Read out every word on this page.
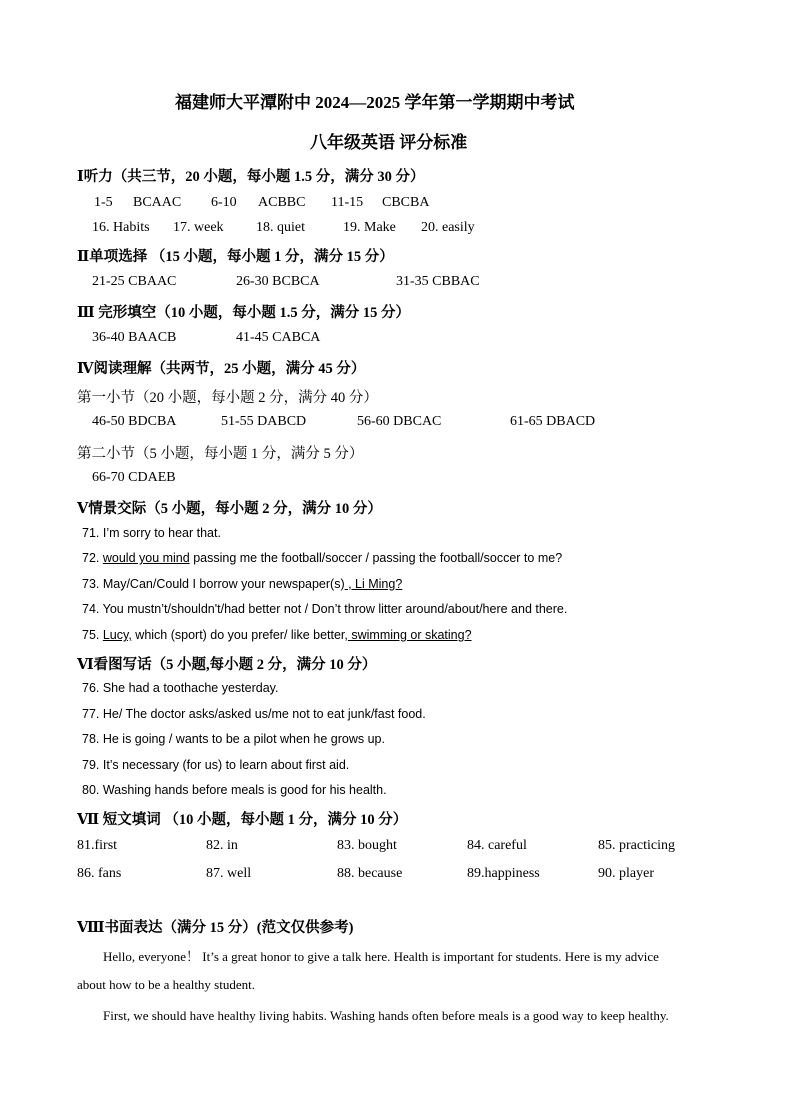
福建师大平潭附中 2024—2025 学年第一学期期中考试
八年级英语 评分标准
Ⅰ听力（共三节，20 小题，每小题 1.5 分，满分 30 分）
1-5 BCAAC 6-10 ACBBC 11-15 CBCBA
16. Habits 17. week 18. quiet	19. Make 20. easily
Ⅱ单项选择 （15 小题，每小题 1 分，满分 15 分）
21-25 CBAAC	26-30 BCBCA	31-35 CBBAC
Ⅲ 完形填空（10 小题，每小题 1.5 分，满分 15 分）
36-40 BAACB	41-45 CABCA
Ⅳ阅读理解（共两节，25 小题，满分 45 分）
第一小节（20 小题，每小题 2 分，满分 40 分）
46-50 BDCBA	51-55 DABCD	56-60 DBCAC	61-65 DBACD
第二小节（5 小题，每小题 1 分，满分 5 分）
66-70 CDAEB
Ⅴ情景交际（5 小题，每小题 2 分，满分 10 分）
71. I’m sorry to hear that.
72. would you mind passing me the football/soccer / passing the football/soccer to me?
73. May/Can/Could I borrow your newspaper(s) , Li Ming?
74. You mustn’t/shouldn't/had better not / Don’t throw litter around/about/here and there.
75. Lucy, which (sport) do you prefer/ like better, swimming or skating?
Ⅵ看图写话（5 小题,每小题 2 分，满分 10 分）
76. She had a toothache yesterday.
77. He/ The doctor asks/asked us/me not to eat junk/fast food.
78. He is going / wants to be a pilot when he grows up.
79. It’s necessary (for us) to learn about first aid.
80. Washing hands before meals is good for his health.
Ⅶ 短文填词 （10 小题，每小题 1 分，满分 10 分）
81.first	82. in	83. bought	84. careful	85. practicing
86. fans	87. well	88. because	89.happiness	90. player
Ⅷ书面表达（满分 15 分）(范文仅供参考)
Hello, everyone！ It’s a great honor to give a talk here. Health is important for students. Here is my advice
about how to be a healthy student.
First, we should have healthy living habits. Washing hands often before meals is a good way to keep healthy.
